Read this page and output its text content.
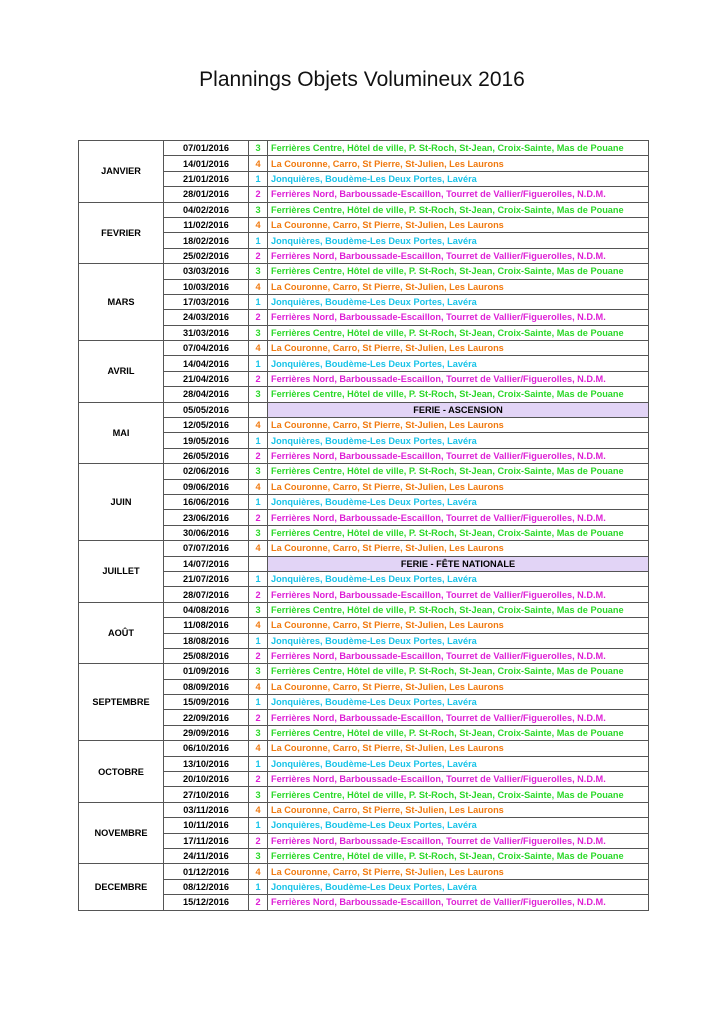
Plannings Objets Volumineux 2016
JANVIER	07/01/2016	3	Ferrières Centre, Hôtel de ville, P. St-Roch, St-Jean, Croix-Sainte, Mas de Pouane
	14/01/2016	4	La Couronne, Carro, St Pierre, St-Julien, Les Laurons
	21/01/2016	1	Jonquières, Boudème-Les Deux Portes, Lavéra
	28/01/2016	2	Ferrières Nord, Barboussade-Escaillon, Tourret de Vallier/Figuerolles, N.D.M.
FEVRIER	04/02/2016	3	Ferrières Centre, Hôtel de ville, P. St-Roch, St-Jean, Croix-Sainte, Mas de Pouane
	11/02/2016	4	La Couronne, Carro, St Pierre, St-Julien, Les Laurons
	18/02/2016	1	Jonquières, Boudème-Les Deux Portes, Lavéra
	25/02/2016	2	Ferrières Nord, Barboussade-Escaillon, Tourret de Vallier/Figuerolles, N.D.M.
MARS	03/03/2016	3	Ferrières Centre, Hôtel de ville, P. St-Roch, St-Jean, Croix-Sainte, Mas de Pouane
	10/03/2016	4	La Couronne, Carro, St Pierre, St-Julien, Les Laurons
	17/03/2016	1	Jonquières, Boudème-Les Deux Portes, Lavéra
	24/03/2016	2	Ferrières Nord, Barboussade-Escaillon, Tourret de Vallier/Figuerolles, N.D.M.
	31/03/2016	3	Ferrières Centre, Hôtel de ville, P. St-Roch, St-Jean, Croix-Sainte, Mas de Pouane
AVRIL	07/04/2016	4	La Couronne, Carro, St Pierre, St-Julien, Les Laurons
	14/04/2016	1	Jonquières, Boudème-Les Deux Portes, Lavéra
	21/04/2016	2	Ferrières Nord, Barboussade-Escaillon, Tourret de Vallier/Figuerolles, N.D.M.
	28/04/2016	3	Ferrières Centre, Hôtel de ville, P. St-Roch, St-Jean, Croix-Sainte, Mas de Pouane
MAI	05/05/2016		FERIE - ASCENSION
	12/05/2016	4	La Couronne, Carro, St Pierre, St-Julien, Les Laurons
	19/05/2016	1	Jonquières, Boudème-Les Deux Portes, Lavéra
	26/05/2016	2	Ferrières Nord, Barboussade-Escaillon, Tourret de Vallier/Figuerolles, N.D.M.
JUIN	02/06/2016	3	Ferrières Centre, Hôtel de ville, P. St-Roch, St-Jean, Croix-Sainte, Mas de Pouane
	09/06/2016	4	La Couronne, Carro, St Pierre, St-Julien, Les Laurons
	16/06/2016	1	Jonquières, Boudème-Les Deux Portes, Lavéra
	23/06/2016	2	Ferrières Nord, Barboussade-Escaillon, Tourret de Vallier/Figuerolles, N.D.M.
	30/06/2016	3	Ferrières Centre, Hôtel de ville, P. St-Roch, St-Jean, Croix-Sainte, Mas de Pouane
JUILLET	07/07/2016	4	La Couronne, Carro, St Pierre, St-Julien, Les Laurons
	14/07/2016		FERIE - FÊTE NATIONALE
	21/07/2016	1	Jonquières, Boudème-Les Deux Portes, Lavéra
	28/07/2016	2	Ferrières Nord, Barboussade-Escaillon, Tourret de Vallier/Figuerolles, N.D.M.
AOÛT	04/08/2016	3	Ferrières Centre, Hôtel de ville, P. St-Roch, St-Jean, Croix-Sainte, Mas de Pouane
	11/08/2016	4	La Couronne, Carro, St Pierre, St-Julien, Les Laurons
	18/08/2016	1	Jonquières, Boudème-Les Deux Portes, Lavéra
	25/08/2016	2	Ferrières Nord, Barboussade-Escaillon, Tourret de Vallier/Figuerolles, N.D.M.
SEPTEMBRE	01/09/2016	3	Ferrières Centre, Hôtel de ville, P. St-Roch, St-Jean, Croix-Sainte, Mas de Pouane
	08/09/2016	4	La Couronne, Carro, St Pierre, St-Julien, Les Laurons
	15/09/2016	1	Jonquières, Boudème-Les Deux Portes, Lavéra
	22/09/2016	2	Ferrières Nord, Barboussade-Escaillon, Tourret de Vallier/Figuerolles, N.D.M.
	29/09/2016	3	Ferrières Centre, Hôtel de ville, P. St-Roch, St-Jean, Croix-Sainte, Mas de Pouane
OCTOBRE	06/10/2016	4	La Couronne, Carro, St Pierre, St-Julien, Les Laurons
	13/10/2016	1	Jonquières, Boudème-Les Deux Portes, Lavéra
	20/10/2016	2	Ferrières Nord, Barboussade-Escaillon, Tourret de Vallier/Figuerolles, N.D.M.
	27/10/2016	3	Ferrières Centre, Hôtel de ville, P. St-Roch, St-Jean, Croix-Sainte, Mas de Pouane
NOVEMBRE	03/11/2016	4	La Couronne, Carro, St Pierre, St-Julien, Les Laurons
	10/11/2016	1	Jonquières, Boudème-Les Deux Portes, Lavéra
	17/11/2016	2	Ferrières Nord, Barboussade-Escaillon, Tourret de Vallier/Figuerolles, N.D.M.
	24/11/2016	3	Ferrières Centre, Hôtel de ville, P. St-Roch, St-Jean, Croix-Sainte, Mas de Pouane
DECEMBRE	01/12/2016	4	La Couronne, Carro, St Pierre, St-Julien, Les Laurons
	08/12/2016	1	Jonquières, Boudème-Les Deux Portes, Lavéra
	15/12/2016	2	Ferrières Nord, Barboussade-Escaillon, Tourret de Vallier/Figuerolles, N.D.M.
